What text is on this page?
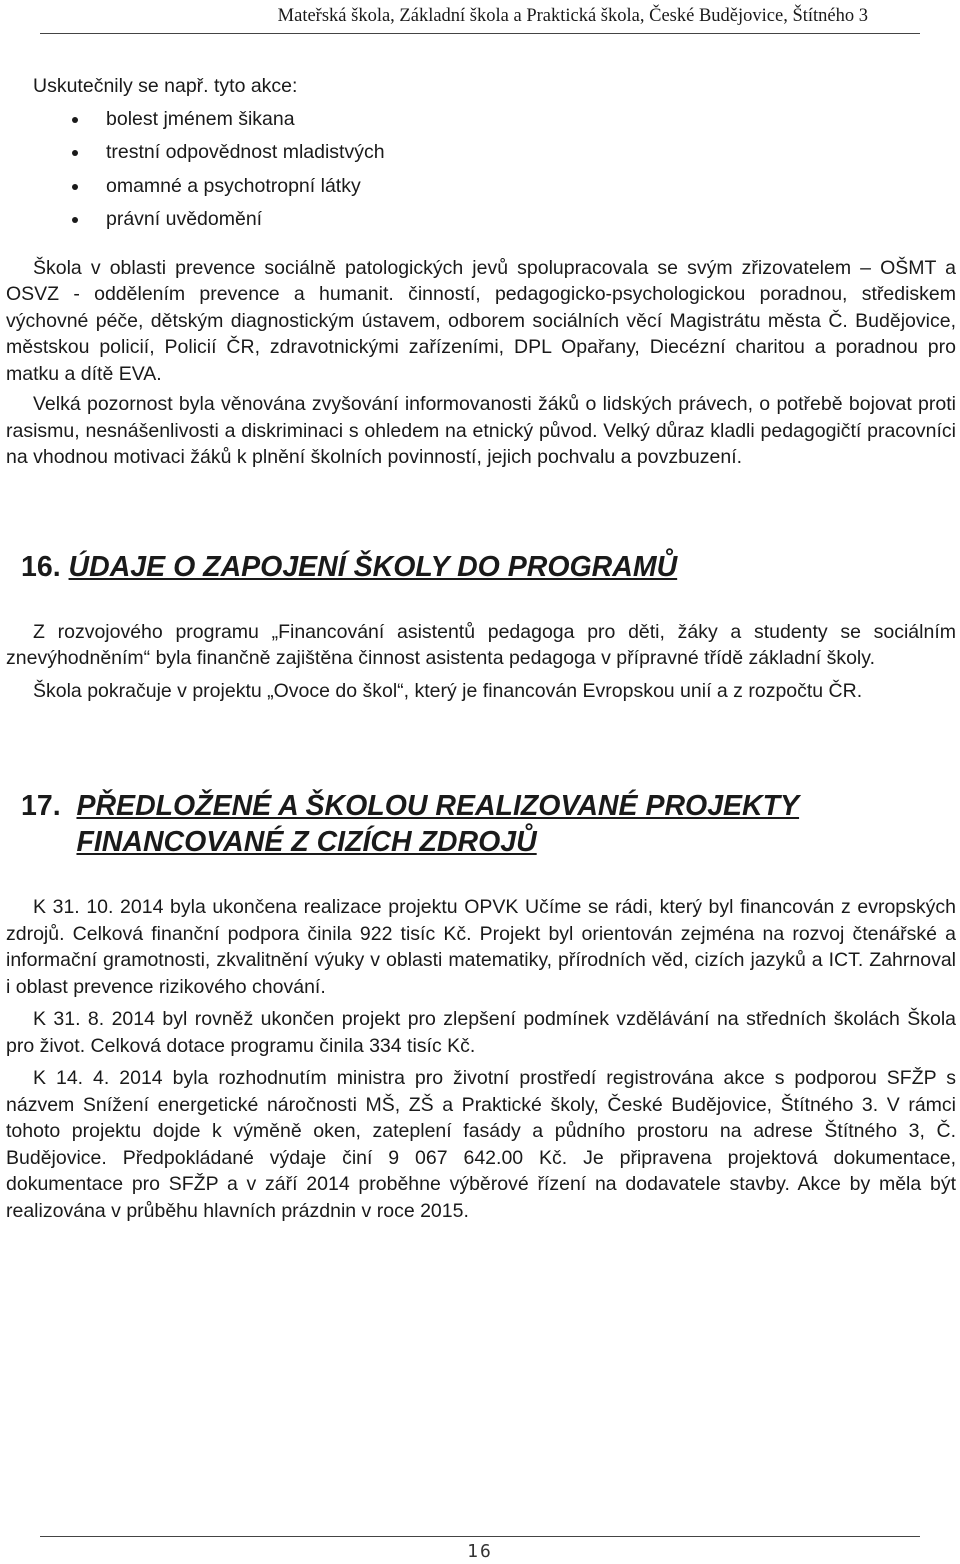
Mateřská škola, Základní škola a Praktická škola, České Budějovice, Štítného 3

Uskutečnily se např. tyto akce:

bolest jménem šikana
trestní odpovědnost mladistvých
omamné a psychotropní látky
právní uvědomění

Škola v oblasti prevence sociálně patologických jevů spolupracovala se svým zřizovatelem – OŠMT a OSVZ - oddělením prevence a humanit. činností, pedagogicko-psychologickou poradnou, střediskem výchovné péče, dětským diagnostickým ústavem, odborem sociálních věcí Magistrátu města Č. Budějovice, městskou policií, Policií ČR, zdravotnickými zařízeními, DPL Opařany, Diecézní charitou a poradnou pro matku a dítě EVA.

Velká pozornost byla věnována zvyšování informovanosti žáků o lidských právech, o potřebě bojovat proti rasismu, nesnášenlivosti a diskriminaci s ohledem na etnický původ. Velký důraz kladli pedagogičtí pracovníci na vhodnou motivaci žáků k plnění školních povinností, jejich pochvalu a povzbuzení.

16.
ÚDAJE O ZAPOJENÍ ŠKOLY DO PROGRAMŮ

Z rozvojového programu „Financování asistentů pedagoga pro děti, žáky a studenty se sociálním znevýhodněním“ byla finančně zajištěna činnost asistenta pedagoga v přípravné třídě základní školy.

Škola pokračuje v projektu „Ovoce do škol“, který je financován Evropskou unií a z rozpočtu ČR.

17.
PŘEDLOŽENÉ A ŠKOLOU REALIZOVANÉ PROJEKTY FINANCOVANÉ Z CIZÍCH ZDROJŮ

K 31. 10. 2014 byla ukončena realizace projektu OPVK Učíme se rádi, který byl financován z evropských zdrojů. Celková finanční podpora činila 922 tisíc Kč. Projekt byl orientován zejména na rozvoj čtenářské a informační gramotnosti, zkvalitnění výuky v oblasti matematiky, přírodních věd, cizích jazyků a ICT. Zahrnoval i oblast prevence rizikového chování.

K 31. 8. 2014 byl rovněž ukončen projekt pro zlepšení podmínek vzdělávání na středních školách Škola pro život. Celková dotace programu činila 334 tisíc Kč.

K 14. 4. 2014 byla rozhodnutím ministra pro životní prostředí registrována akce s podporou SFŽP s názvem Snížení energetické náročnosti MŠ, ZŠ a Praktické školy, České Budějovice, Štítného 3. V rámci tohoto projektu dojde k výměně oken, zateplení fasády a půdního prostoru na adrese Štítného 3, Č. Budějovice. Předpokládané výdaje činí 9 067 642.00 Kč. Je připravena projektová dokumentace, dokumentace pro SFŽP a v září 2014 proběhne výběrové řízení na dodavatele stavby. Akce by měla být realizována v průběhu hlavních prázdnin v roce 2015.

16
